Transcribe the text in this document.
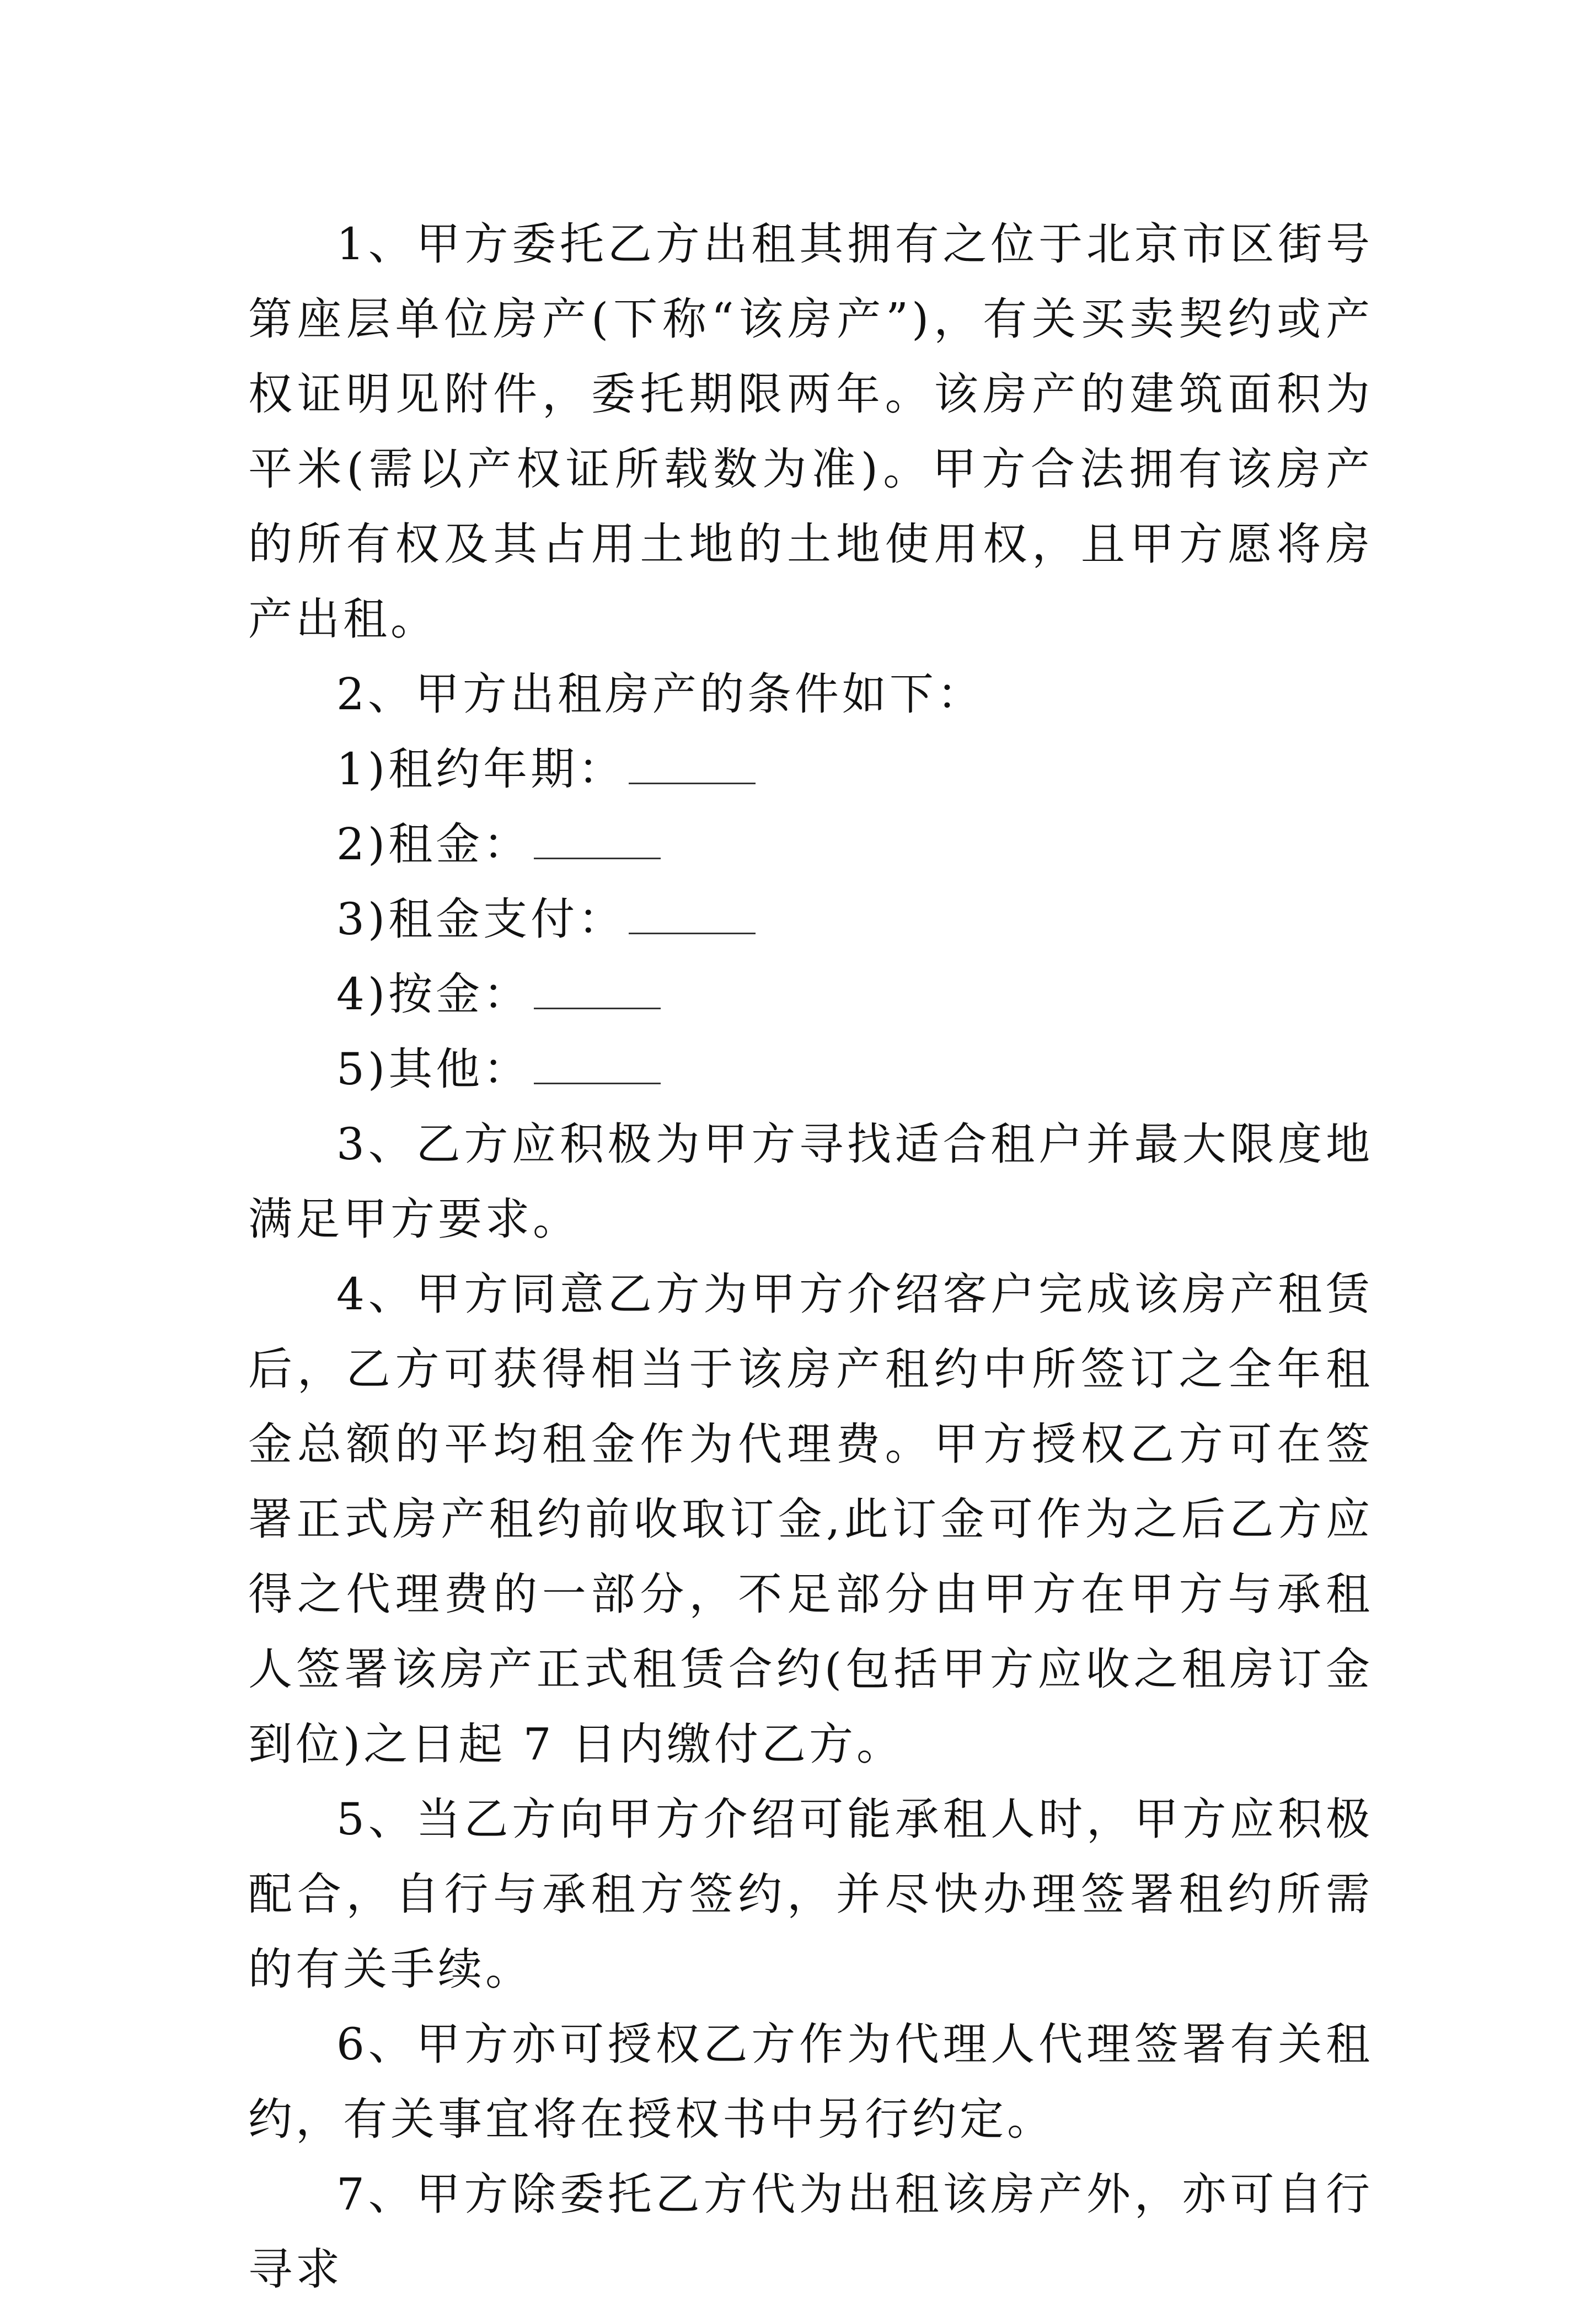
1、甲方委托乙方出租其拥有之位于北京市区街号第座层单位房产(下称“该房产”)，有关买卖契约或产权证明见附件，委托期限两年。该房产的建筑面积为平米(需以产权证所载数为准)。甲方合法拥有该房产的所有权及其占用土地的土地使用权，且甲方愿将房产出租。

2、甲方出租房产的条件如下：

1)租约年期：

2)租金：

3)租金支付：

4)按金：

5)其他：

3、乙方应积极为甲方寻找适合租户并最大限度地满足甲方要求。

4、甲方同意乙方为甲方介绍客户完成该房产租赁后，乙方可获得相当于该房产租约中所签订之全年租金总额的平均租金作为代理费。甲方授权乙方可在签署正式房产租约前收取订金,此订金可作为之后乙方应得之代理费的一部分，不足部分由甲方在甲方与承租人签署该房产正式租赁合约(包括甲方应收之租房订金到位)之日起 7 日内缴付乙方。

5、当乙方向甲方介绍可能承租人时，甲方应积极配合，自行与承租方签约，并尽快办理签署租约所需的有关手续。

6、甲方亦可授权乙方作为代理人代理签署有关租约，有关事宜将在授权书中另行约定。

7、甲方除委托乙方代为出租该房产外，亦可自行寻求
